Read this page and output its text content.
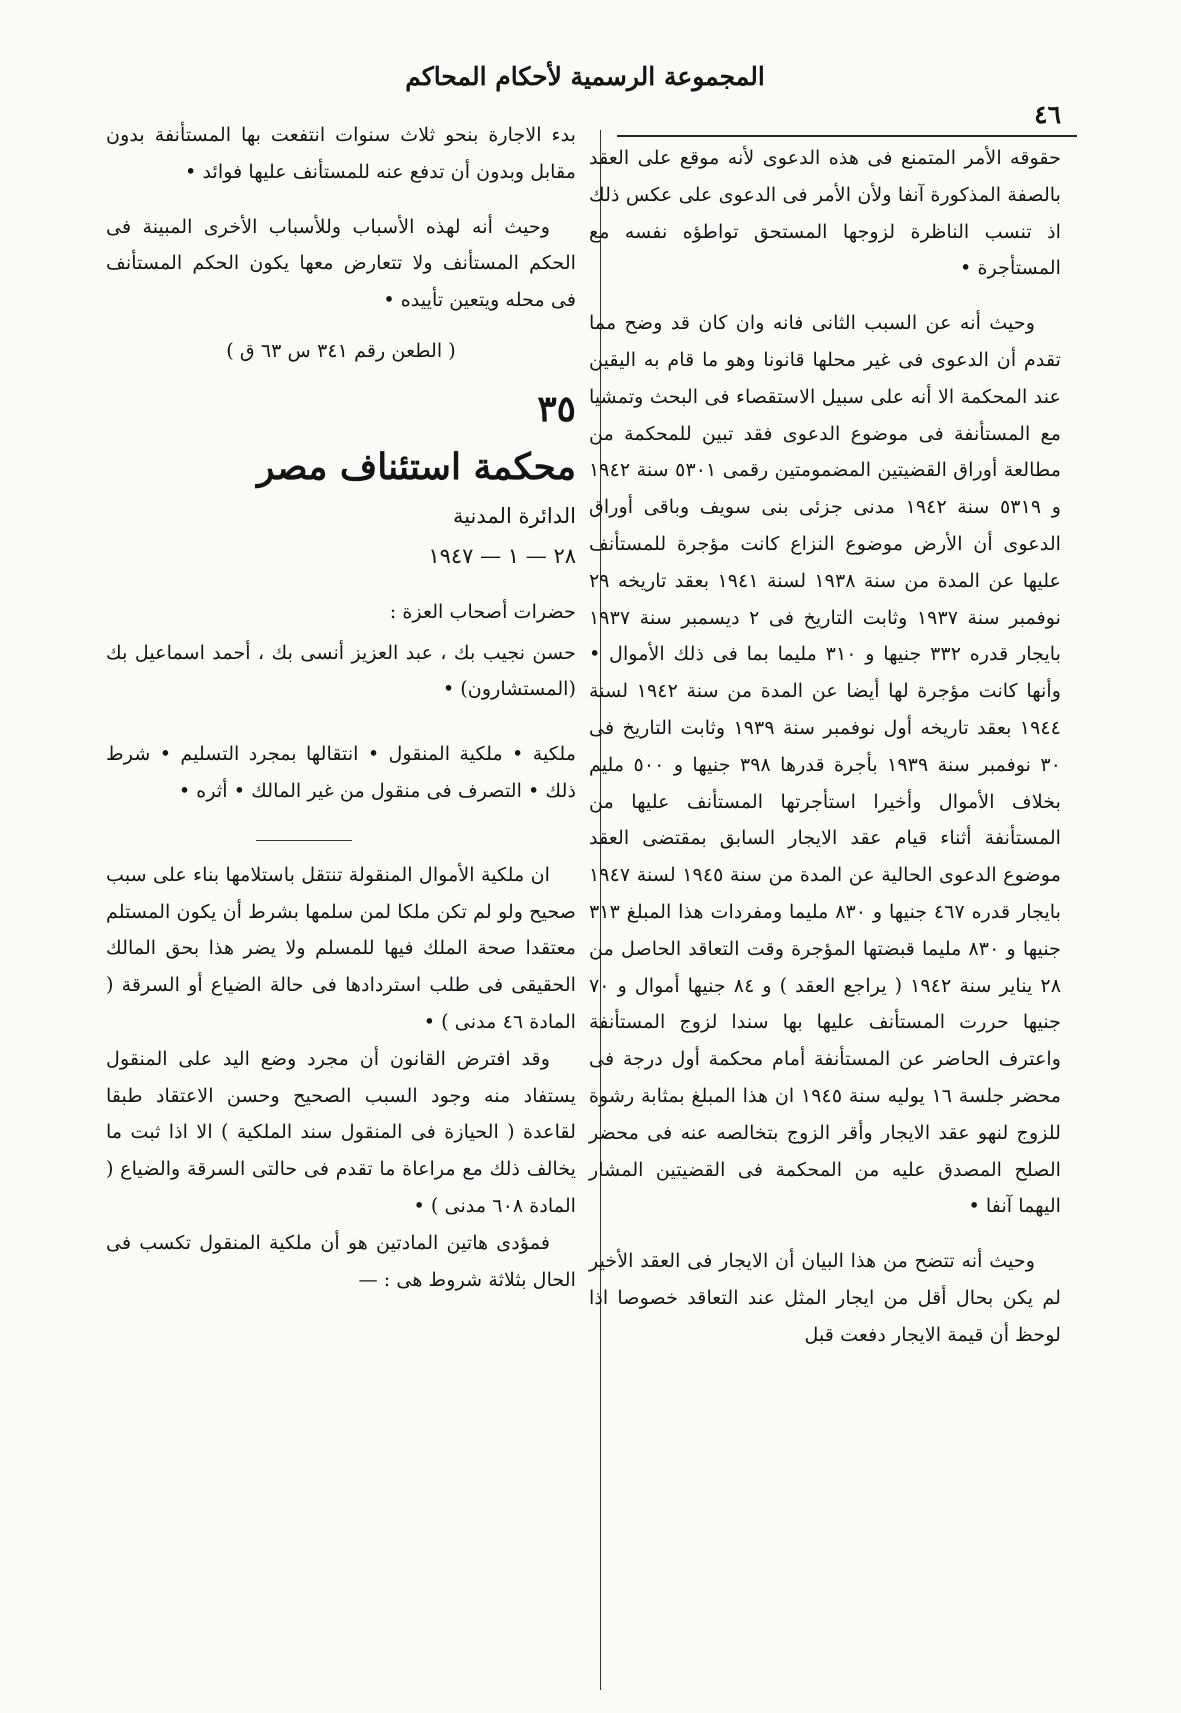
المجموعة الرسمية لأحكام المحاكم
٤٦

حقوقه الأمر المتمنع فى هذه الدعوى لأنه موقع على العقد بالصفة المذكورة آنفا ولأن الأمر فى الدعوى على عكس ذلك اذ تنسب الناظرة لزوجها المستحق تواطؤه نفسه مع المستأجرة •

وحيث أنه عن السبب الثانى فانه وان كان قد وضح مما تقدم أن الدعوى فى غير محلها قانونا وهو ما قام به اليقين عند المحكمة الا أنه على سبيل الاستقصاء فى البحث وتمشيا مع المستأنفة فى موضوع الدعوى فقد تبين للمحكمة من مطالعة أوراق القضيتين المضمومتين رقمى ٥٣٠١ سنة ١٩٤٢ و ٥٣١٩ سنة ١٩٤٢ مدنى جزئى بنى سويف وباقى أوراق الدعوى أن الأرض موضوع النزاع كانت مؤجرة للمستأنف عليها عن المدة من سنة ١٩٣٨ لسنة ١٩٤١ بعقد تاريخه ٢٩ نوفمبر سنة ١٩٣٧ وثابت التاريخ فى ٢ ديسمبر سنة ١٩٣٧ بايجار قدره ٣٣٢ جنيها و ٣١٠ مليما بما فى ذلك الأموال • وأنها كانت مؤجرة لها أيضا عن المدة من سنة ١٩٤٢ لسنة ١٩٤٤ بعقد تاريخه أول نوفمبر سنة ١٩٣٩ وثابت التاريخ فى ٣٠ نوفمبر سنة ١٩٣٩ بأجرة قدرها ٣٩٨ جنيها و ٥٠٠ مليم بخلاف الأموال وأخيرا استأجرتها المستأنف عليها من المستأنفة أثناء قيام عقد الايجار السابق بمقتضى العقد موضوع الدعوى الحالية عن المدة من سنة ١٩٤٥ لسنة ١٩٤٧ بايجار قدره ٤٦٧ جنيها و ٨٣٠ مليما ومفردات هذا المبلغ ٣١٣ جنيها و ٨٣٠ مليما قبضتها المؤجرة وقت التعاقد الحاصل من ٢٨ يناير سنة ١٩٤٢ ( يراجع العقد ) و ٨٤ جنيها أموال و ٧٠ جنيها حررت المستأنف عليها بها سندا لزوج المستأنفة واعترف الحاضر عن المستأنفة أمام محكمة أول درجة فى محضر جلسة ١٦ يوليه سنة ١٩٤٥ ان هذا المبلغ بمثابة رشوة للزوج لنهو عقد الايجار وأقر الزوج بتخالصه عنه فى محضر الصلح المصدق عليه من المحكمة فى القضيتين المشار اليهما آنفا •

وحيث أنه تتضح من هذا البيان أن الايجار فى العقد الأخير لم يكن بحال أقل من ايجار المثل عند التعاقد خصوصا اذا لوحظ أن قيمة الايجار دفعت قبل

بدء الاجارة بنحو ثلاث سنوات انتفعت بها المستأنفة بدون مقابل وبدون أن تدفع عنه للمستأنف عليها فوائد •

وحيث أنه لهذه الأسباب وللأسباب الأخرى المبينة فى الحكم المستأنف ولا تتعارض معها يكون الحكم المستأنف فى محله ويتعين تأييده •

( الطعن رقم ٣٤١ س ٦٣ ق )

٣٥
محكمة استئناف مصر
الدائرة المدنية
٢٨ — ١ — ١٩٤٧

حضرات أصحاب العزة :

حسن نجيب بك ، عبد العزيز أنسى بك ، أحمد اسماعيل بك (المستشارون) •

ملكية • ملكية المنقول • انتقالها بمجرد التسليم • شرط ذلك • التصرف فى منقول من غير المالك • أثره •

ان ملكية الأموال المنقولة تنتقل باستلامها بناء على سبب صحيح ولو لم تكن ملكا لمن سلمها بشرط أن يكون المستلم معتقدا صحة الملك فيها للمسلم ولا يضر هذا بحق المالك الحقيقى فى طلب استردادها فى حالة الضياع أو السرقة ( المادة ٤٦ مدنى ) •

وقد افترض القانون أن مجرد وضع اليد على المنقول يستفاد منه وجود السبب الصحيح وحسن الاعتقاد طبقا لقاعدة ( الحيازة فى المنقول سند الملكية ) الا اذا ثبت ما يخالف ذلك مع مراعاة ما تقدم فى حالتى السرقة والضياع ( المادة ٦٠٨ مدنى ) •

فمؤدى هاتين المادتين هو أن ملكية المنقول تكسب فى الحال بثلاثة شروط هى : —
